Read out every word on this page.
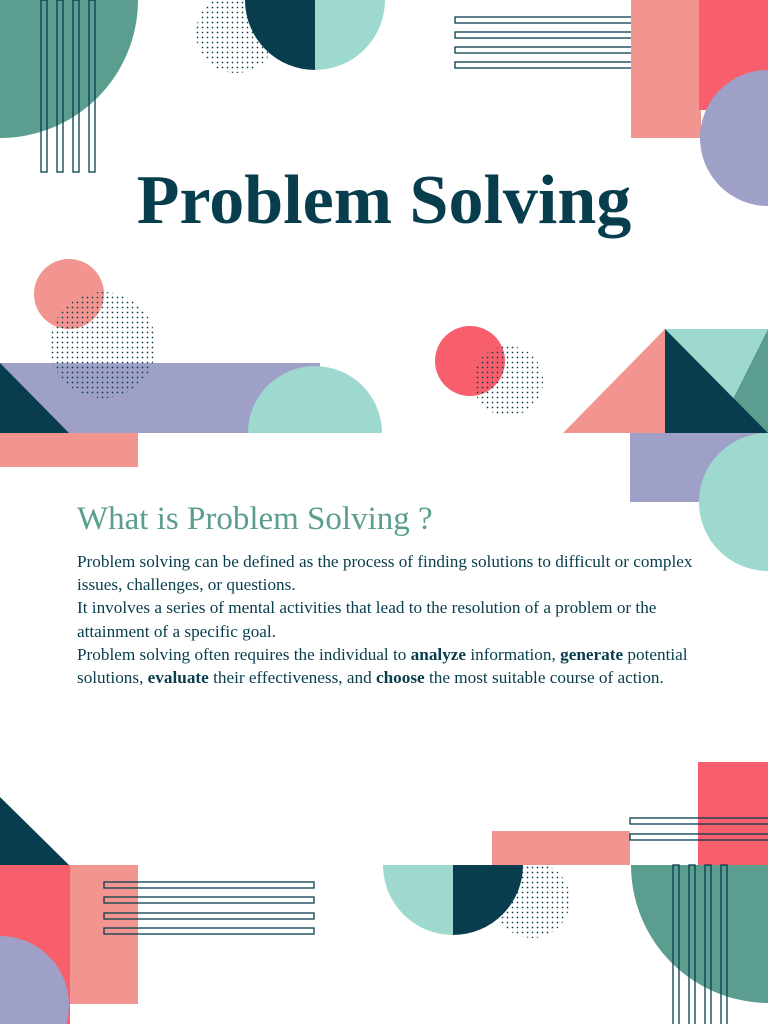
Problem Solving
What is Problem Solving ?

Problem solving can be defined as the process of finding solutions to difficult or complex issues, challenges, or questions.

It involves a series of mental activities that lead to the resolution of a problem or the attainment of a specific goal.

Problem solving often requires the individual to analyze information, generate potential solutions, evaluate their effectiveness, and choose the most suitable course of action.
